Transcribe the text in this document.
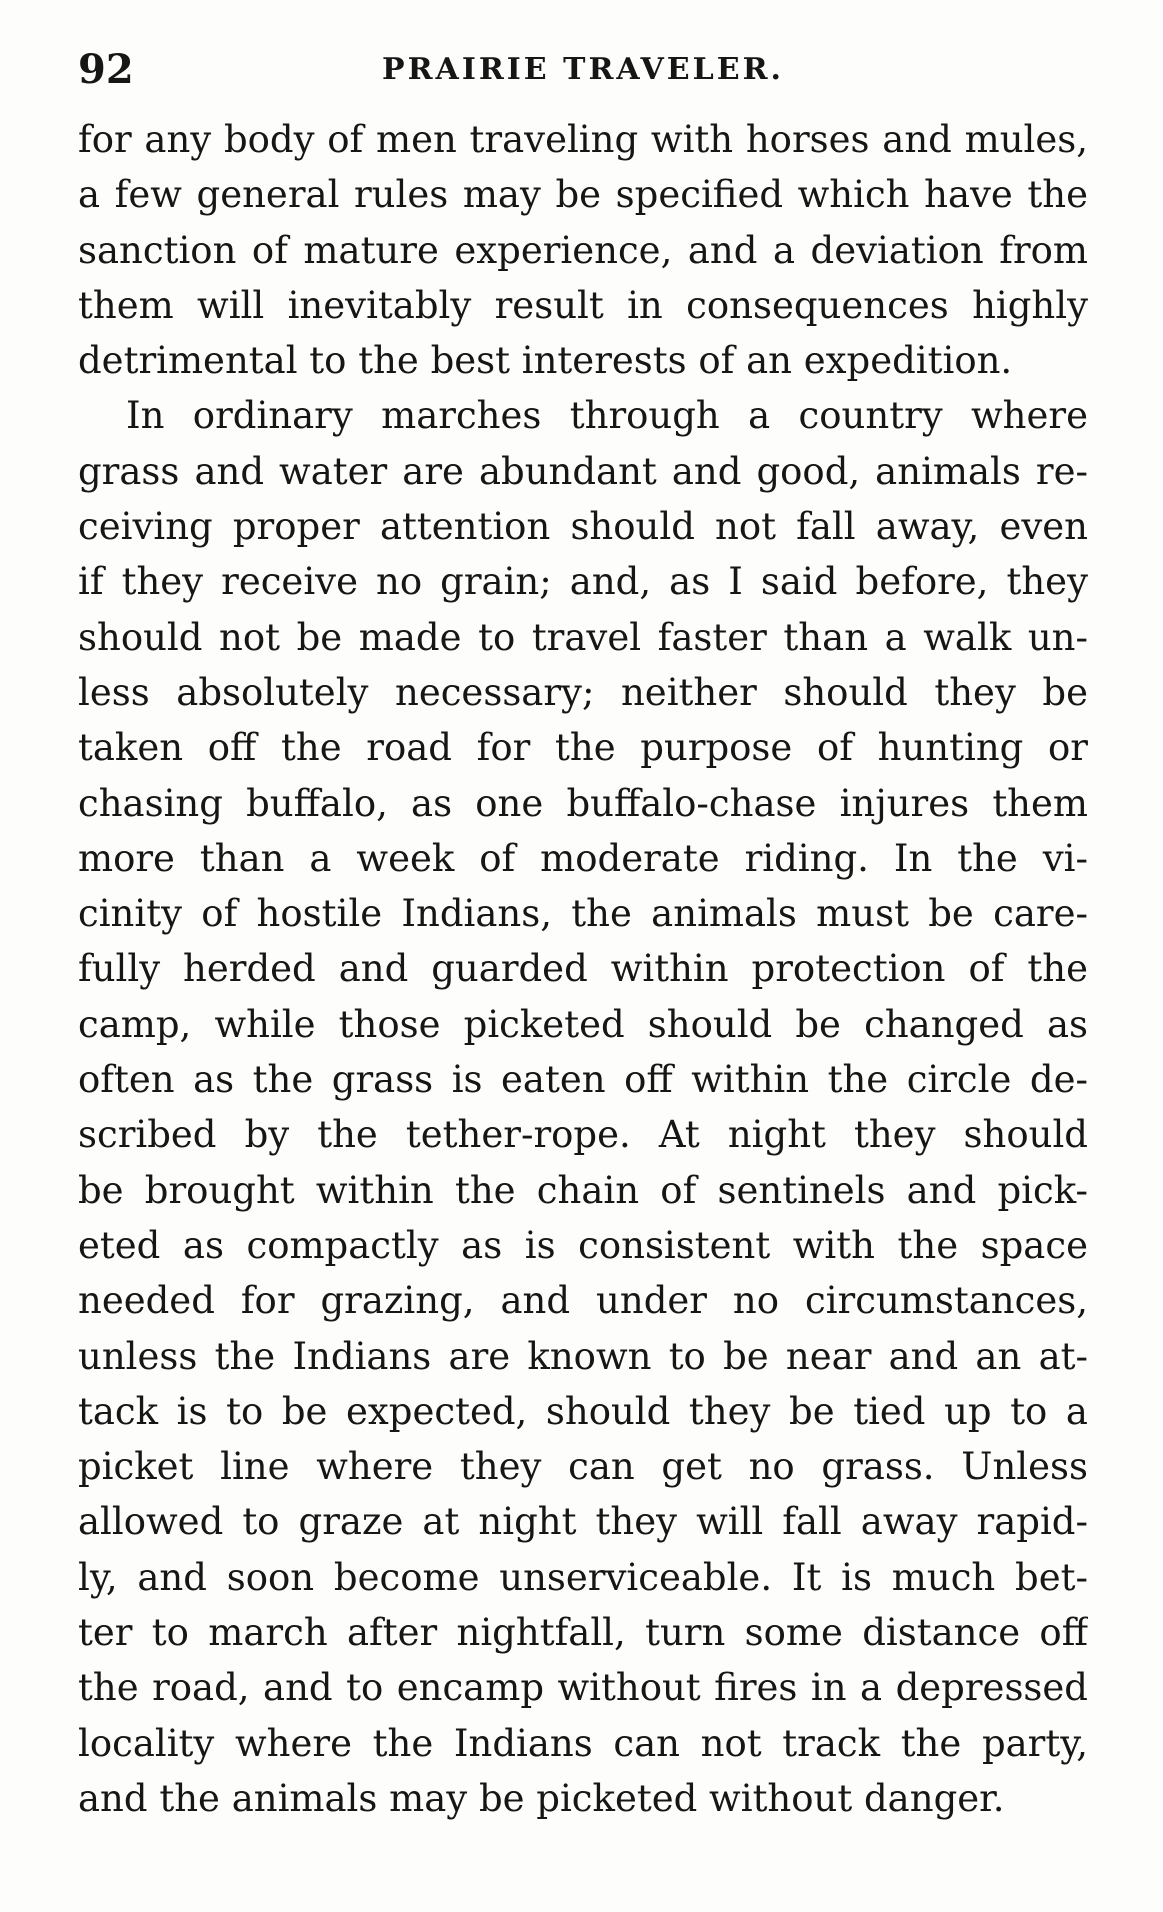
92	PRAIRIE TRAVELER.
for any body of men traveling with horses and mules,
a few general rules may be specified which have the
sanction of mature experience, and a deviation from
them will inevitably result in consequences highly
detrimental to the best interests of an expedition.
In ordinary marches through a country where
grass and water are abundant and good, animals re-
ceiving proper attention should not fall away, even
if they receive no grain; and, as I said before, they
should not be made to travel faster than a walk un-
less absolutely necessary; neither should they be
taken off the road for the purpose of hunting or
chasing buffalo, as one buffalo-chase injures them
more than a week of moderate riding. In the vi-
cinity of hostile Indians, the animals must be care-
fully herded and guarded within protection of the
camp, while those picketed should be changed as
often as the grass is eaten off within the circle de-
scribed by the tether-rope. At night they should
be brought within the chain of sentinels and pick-
eted as compactly as is consistent with the space
needed for grazing, and under no circumstances,
unless the Indians are known to be near and an at-
tack is to be expected, should they be tied up to a
picket line where they can get no grass. Unless
allowed to graze at night they will fall away rapid-
ly, and soon become unserviceable. It is much bet-
ter to march after nightfall, turn some distance off
the road, and to encamp without fires in a depressed
locality where the Indians can not track the party,
and the animals may be picketed without danger.
